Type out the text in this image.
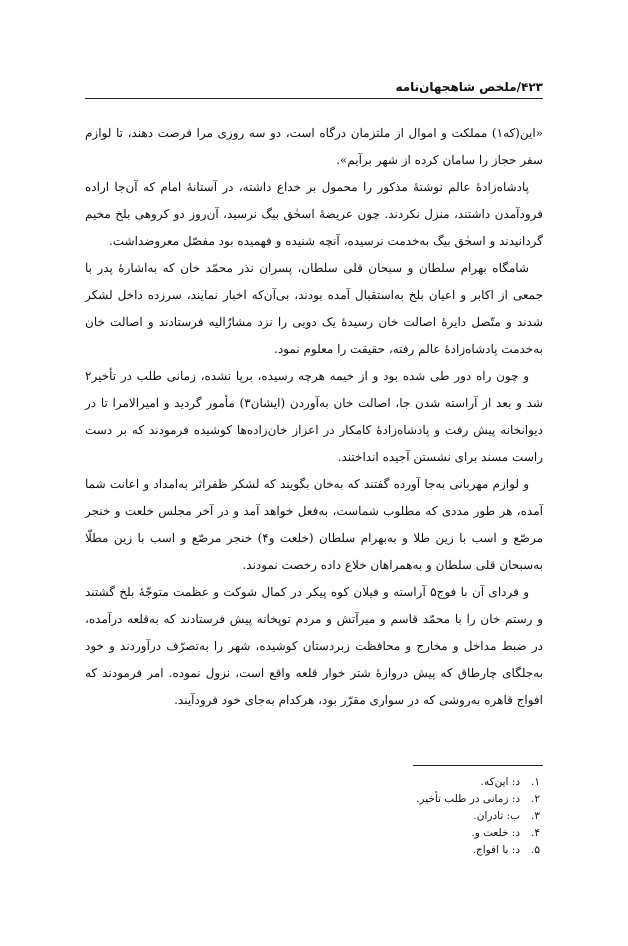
۴۲۳/ملخص شاهجهان‌نامه

«این(که۱) مملکت و اموال از ملتزمان درگاه است، دو سه روزی مرا فرصت دهند، تا لوازم سفر حجاز را سامان کرده از شهر برآیم».

پادشاه‌زادهٔ عالم نوشتهٔ مذکور را محمول بر خداع داشته، در آستانهٔ امام که آن‌جا اراده فرودآمدن داشتند، منزل نکردند. چون عریضهٔ اسحٰق بیگ نرسید، آن‌روز دو کروهی بلخ مخیم گردانیدند و اسحٰق بیگ به‌خدمت نرسیده، آنچه شنیده و فهمیده بود مفصّل معروضداشت.

شامگاه بهرام سلطان و سبحان قلی سلطان، پسران نذر محمّد خان که به‌اشارهٔ پدر با جمعی از اکابر و اعیان بلخ به‌استقبال آمده بودند، بی‌آن‌که اخبار نمایند، سرزده داخل لشکر شدند و متّصل دایرهٔ اصالت خان رسیدهٔ یک دویی را نزد مشارٌالیه فرستادند و اصالت خان به‌خدمت پادشاه‌زادهٔ عالم رفته، حقیقت را معلوم نمود.

و چون راه دور طی شده بود و از خیمه هرچه رسیده، برپا نشده، زمانی طلب در تأخیر۲ شد و بعد از آراسته شدن جا، اصالت خان به‌آوردن (ایشان۳) مأمور گردید و امیرالامرا تا در دیوانخانه پیش رفت و پادشاه‌زادهٔ کامکار در اعزاز خان‌زاده‌ها کوشیده فرمودند که بر دست راست مسند برای نشستن آجیده انداختند.

و لوازم مهربانی به‌جا آورده گفتند که به‌خان بگویند که لشکر ظفراثر به‌امداد و اعانت شما آمده، هر طور مددی که مطلوب شماست، به‌فعل خواهد آمد و در آخر مجلس خلعت و خنجر مرصّع و اسب با زین طلا و به‌بهرام سلطان (خلعت و۴) خنجر مرصّع و اسب با زین مطلّا به‌سبحان قلی سلطان و به‌همراهان خلاع داده رخصت نمودند.

و فردای آن با فوج۵ آراسته و فیلان کوه پیکر در کمال شوکت و عظمت متوجّهٔ بلخ گشتند و رستم خان را با محمّد قاسم و میرآتش و مردم توپخانه پیش فرستادند که به‌قلعه درآمده، در ضبط مداخل و مخارج و محافظت زبردستان کوشیده، شهر را به‌تصرّف درآوردند و خود به‌جلگای چارطاق که پیش دروازهٔ شتر خوار قلعه واقع است، نزول نموده. امر فرمودند که افواج قاهره به‌روشی که در سواری مقرّر بود، هرکدام به‌جای خود فرودآیند.

۱.
د: این‌که.
۲.
د: زمانی در طلب تأخیر.
۳.
ب: تادران.
۴.
د: خلعت و.
۵.
د: با افواج.
